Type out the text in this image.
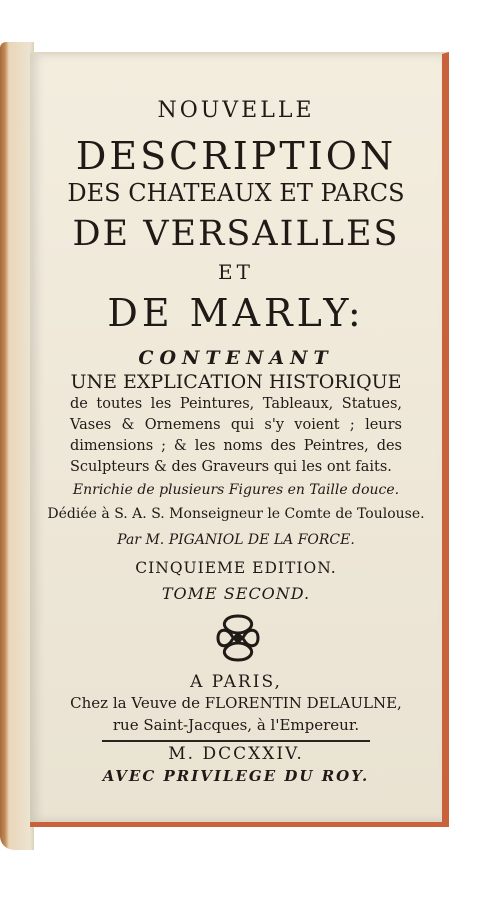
NOUVELLE
DESCRIPTION
DES CHATEAUX ET PARCS
DE VERSAILLES
ET
DE MARLY:
CONTENANT
UNE EXPLICATION HISTORIQUE
de toutes les Peintures, Tableaux, Statues, Vases & Ornemens qui s'y voient ; leurs dimensions ; & les noms des Peintres, des Sculpteurs & des Graveurs qui les ont faits.
Enrichie de plusieurs Figures en Taille douce.
Dédiée à S. A. S. Monseigneur le Comte de Toulouse.
Par M. PIGANIOL DE LA FORCE.
CINQUIEME EDITION.
TOME SECOND.
A PARIS,
Chez la Veuve de FLORENTIN DELAULNE,
rue Saint-Jacques, à l'Empereur.
M. DCCXXIV.
AVEC PRIVILEGE DU ROY.
